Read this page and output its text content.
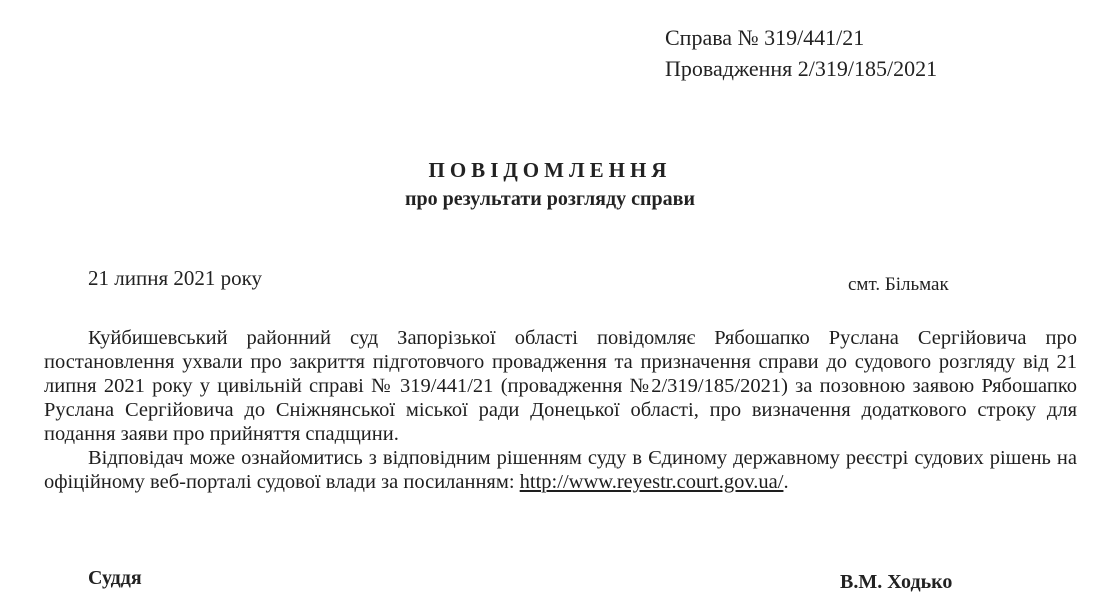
Справа № 319/441/21
Провадження 2/319/185/2021
ПОВІДОМЛЕННЯ
про результати розгляду справи
21 липня 2021 року	смт. Більмак

Куйбишевський районний суд Запорізької області повідомляє Рябошапко Руслана Сергійовича про постановлення ухвали про закриття підготовчого провадження та призначення справи до судового розгляду від 21 липня 2021 року у цивільній справі № 319/441/21 (провадження №2/319/185/2021) за позовною заявою Рябошапко Руслана Сергійовича до Сніжнянської міської ради Донецької області, про визначення додаткового строку для подання заяви про прийняття спадщини.

Відповідач може ознайомитись з відповідним рішенням суду в Єдиному державному реєстрі судових рішень на офіційному веб-порталі судової влади за посиланням: http://www.reyestr.court.gov.ua/.

Суддя	В.М. Ходько
